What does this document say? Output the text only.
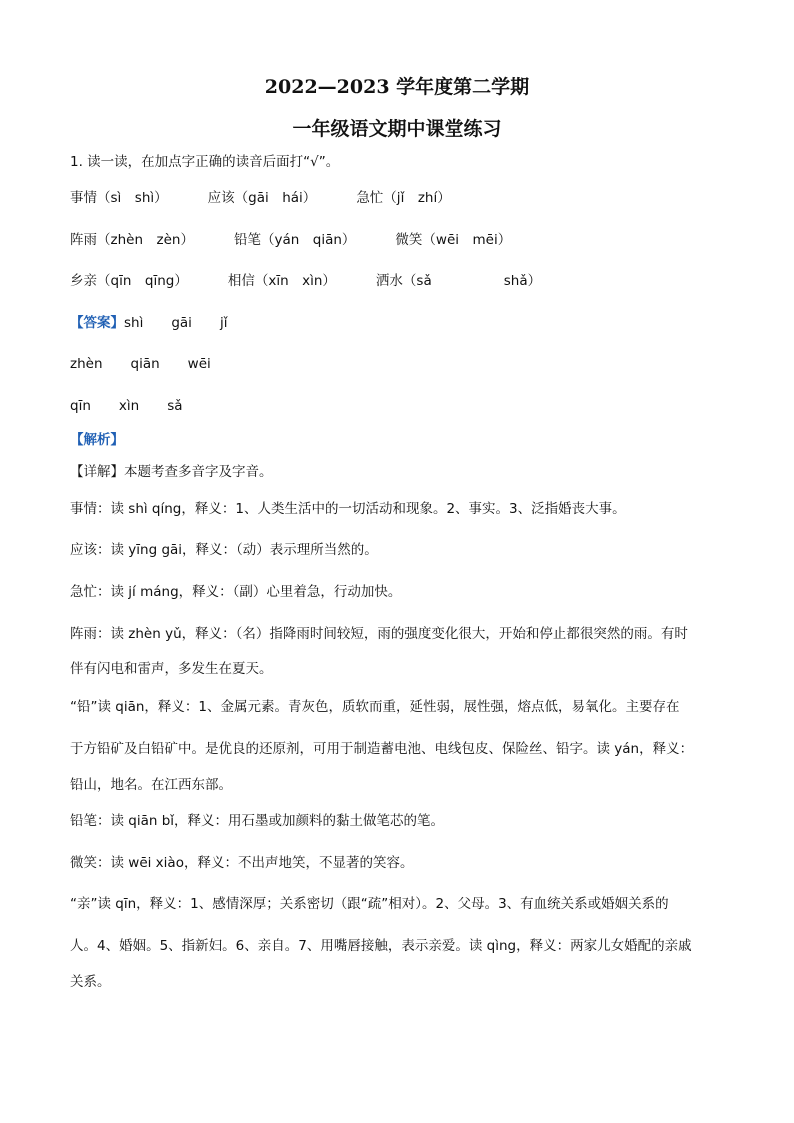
2022—2023 学年度第二学期
一年级语文期中课堂练习
1. 读一读，在加点字正确的读音后面打“√”。
事情（sì　shì）	应该（gāi　hái）	急忙（jǐ　zhí）
阵雨（zhèn　zèn）	铅笔（yán　qiān）	微笑（wēi　mēi）
乡亲（qīn　qīng）	相信（xīn　xìn）	洒水（sǎ	shǎ）
【答案】shì gāi jǐ
zhèn qiān wēi
qīn xìn sǎ
【解析】
【详解】本题考查多音字及字音。
事情：读 shì qíng，释义：1、人类生活中的一切活动和现象。2、事实。3、泛指婚丧大事。
应该：读 yīng gāi，释义：（动）表示理所当然的。
急忙：读 jí máng，释义：（副）心里着急，行动加快。
阵雨：读 zhèn yǔ，释义：（名）指降雨时间较短，雨的强度变化很大，开始和停止都很突然的雨。有时
伴有闪电和雷声，多发生在夏天。
“铅”读 qiān，释义：1、金属元素。青灰色，质软而重，延性弱，展性强，熔点低，易氧化。主要存在
于方铅矿及白铅矿中。是优良的还原剂，可用于制造蓄电池、电线包皮、保险丝、铅字。读 yán，释义：
铅山，地名。在江西东部。
铅笔：读 qiān bǐ，释义：用石墨或加颜料的黏土做笔芯的笔。
微笑：读 wēi xiào，释义：不出声地笑，不显著的笑容。
“亲”读 qīn，释义：1、感情深厚；关系密切（跟“疏”相对）。2、父母。3、有血统关系或婚姻关系的
人。4、婚姻。5、指新妇。6、亲自。7、用嘴唇接触，表示亲爱。读 qìng，释义：两家儿女婚配的亲戚
关系。
